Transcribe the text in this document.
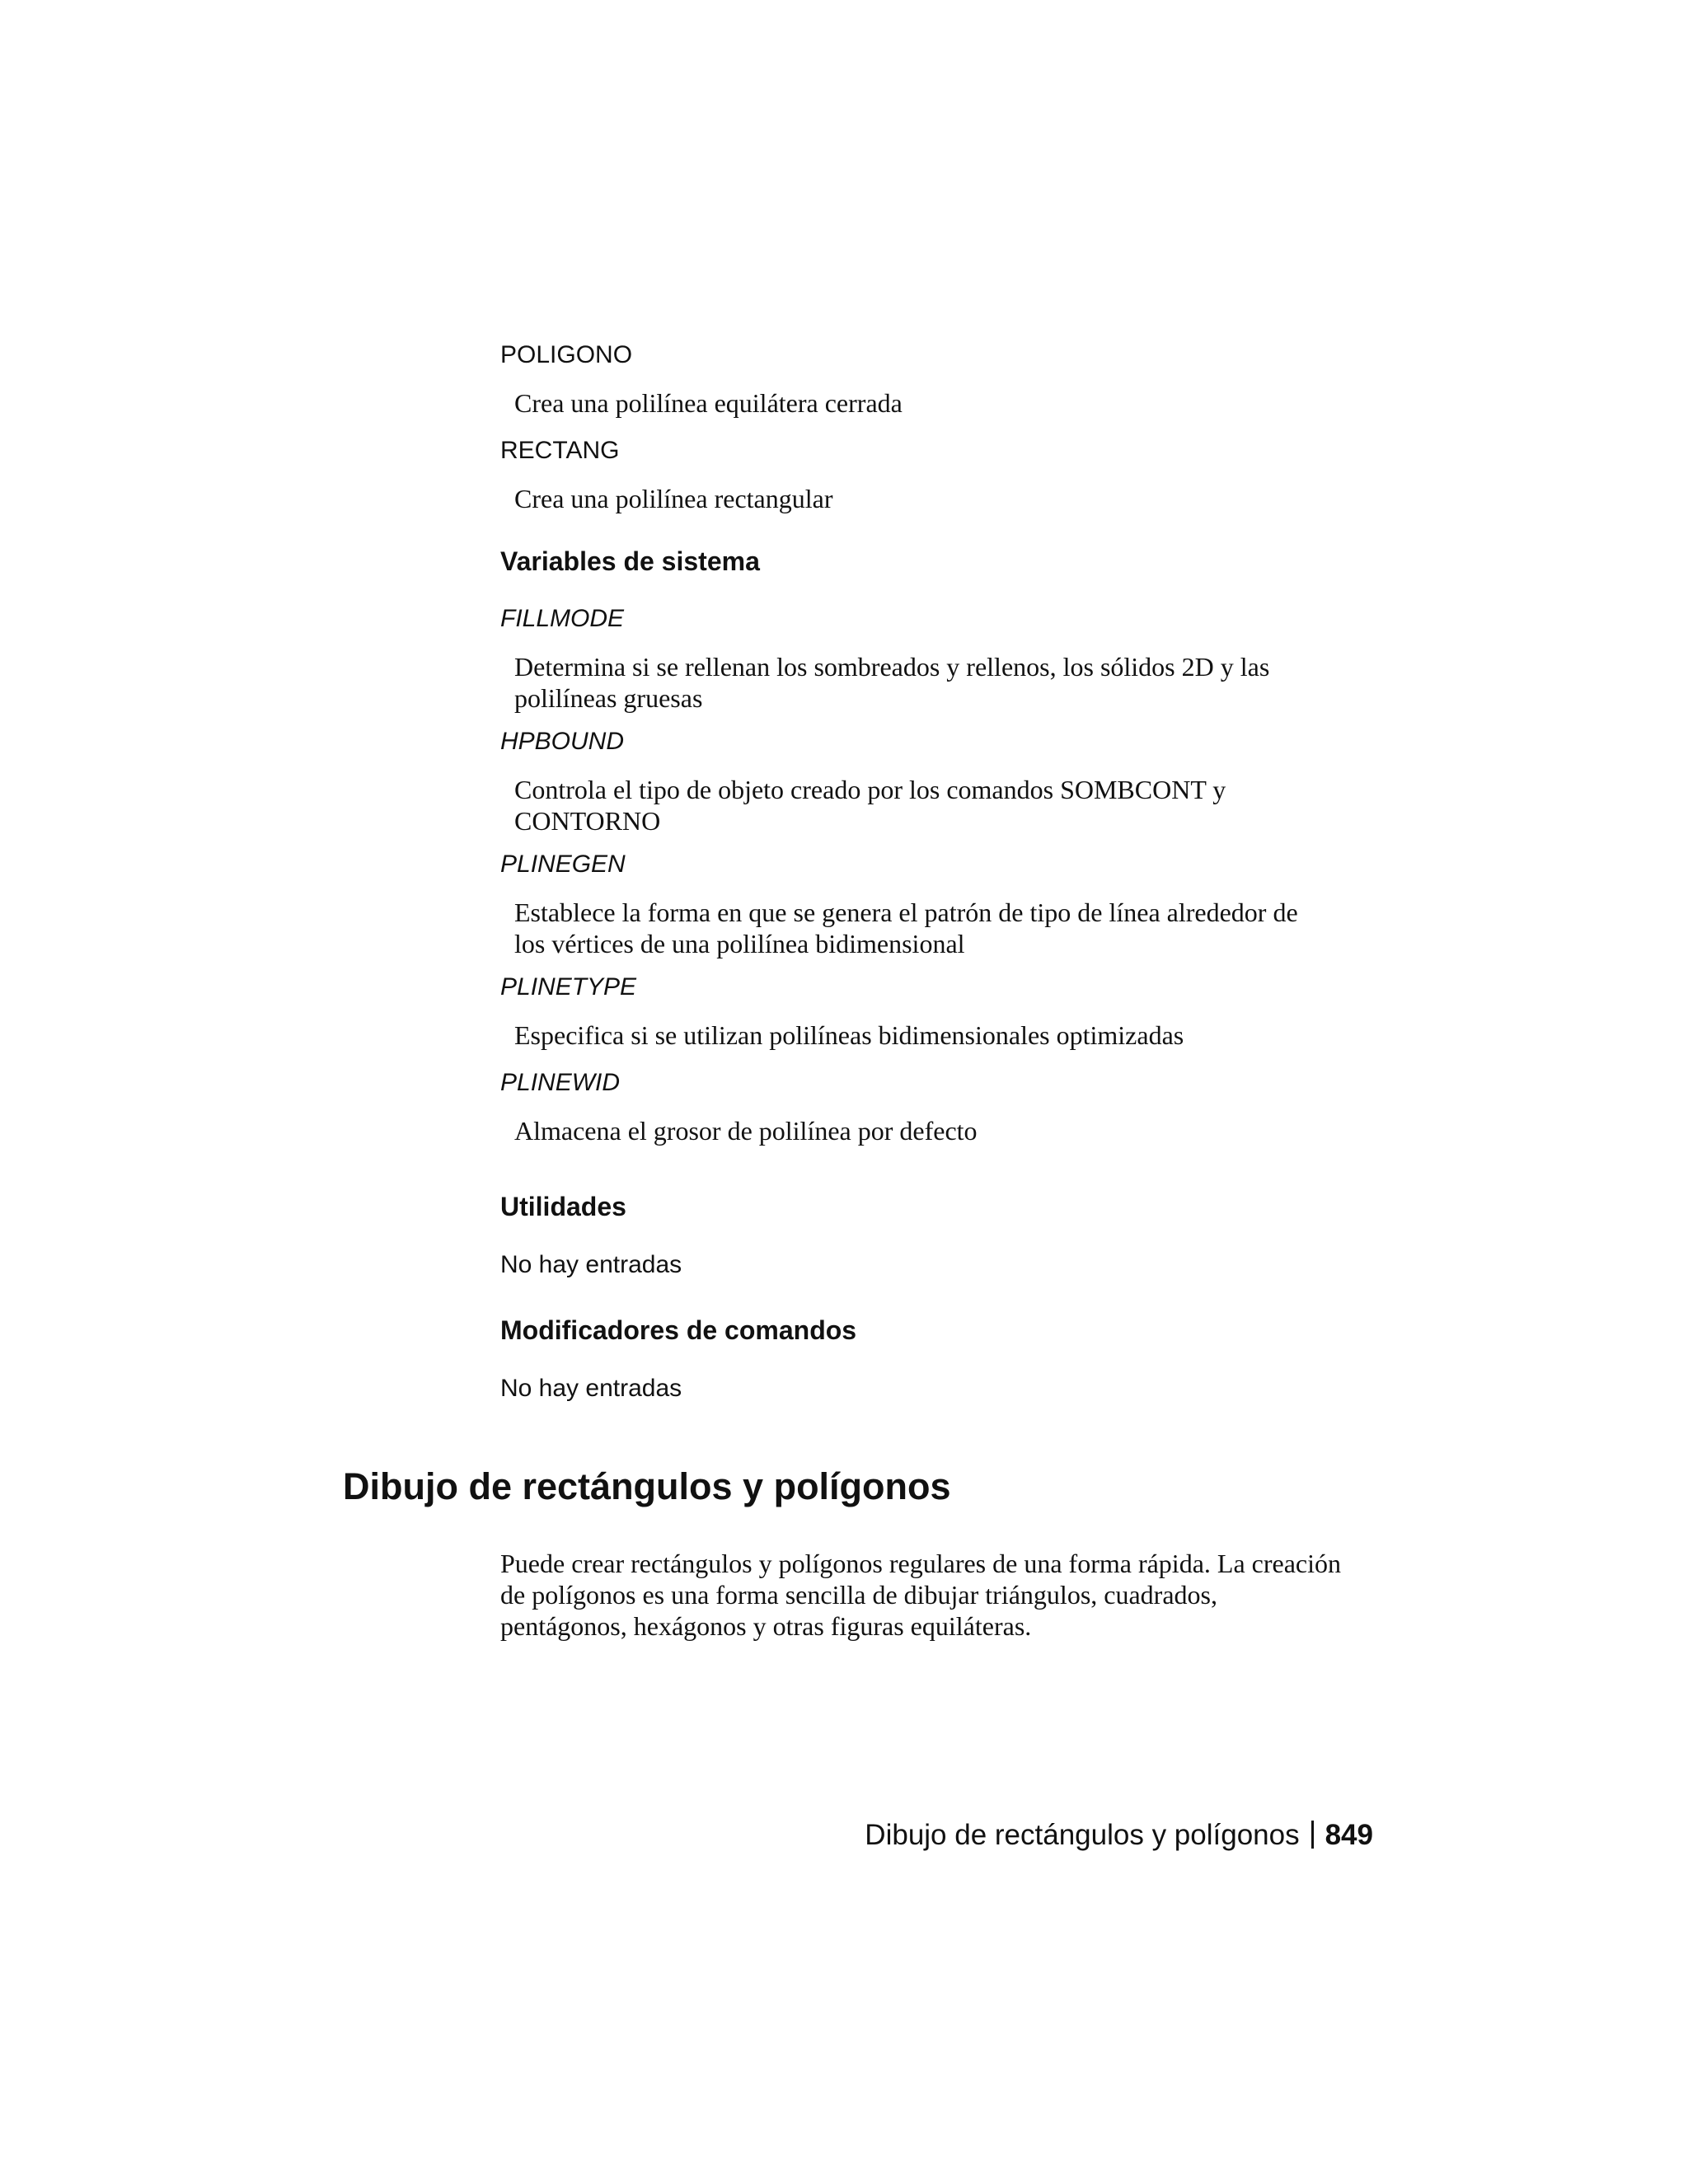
POLIGONO

Crea una polilínea equilátera cerrada

RECTANG

Crea una polilínea rectangular

Variables de sistema

FILLMODE

Determina si se rellenan los sombreados y rellenos, los sólidos 2D y las
polilíneas gruesas

HPBOUND

Controla el tipo de objeto creado por los comandos SOMBCONT y
CONTORNO

PLINEGEN

Establece la forma en que se genera el patrón de tipo de línea alrededor de
los vértices de una polilínea bidimensional

PLINETYPE

Especifica si se utilizan polilíneas bidimensionales optimizadas

PLINEWID

Almacena el grosor de polilínea por defecto

Utilidades

No hay entradas

Modificadores de comandos

No hay entradas

Dibujo de rectángulos y polígonos

Puede crear rectángulos y polígonos regulares de una forma rápida. La creación
de polígonos es una forma sencilla de dibujar triángulos, cuadrados,
pentágonos, hexágonos y otras figuras equiláteras.

Dibujo de rectángulos y polígonos 849
